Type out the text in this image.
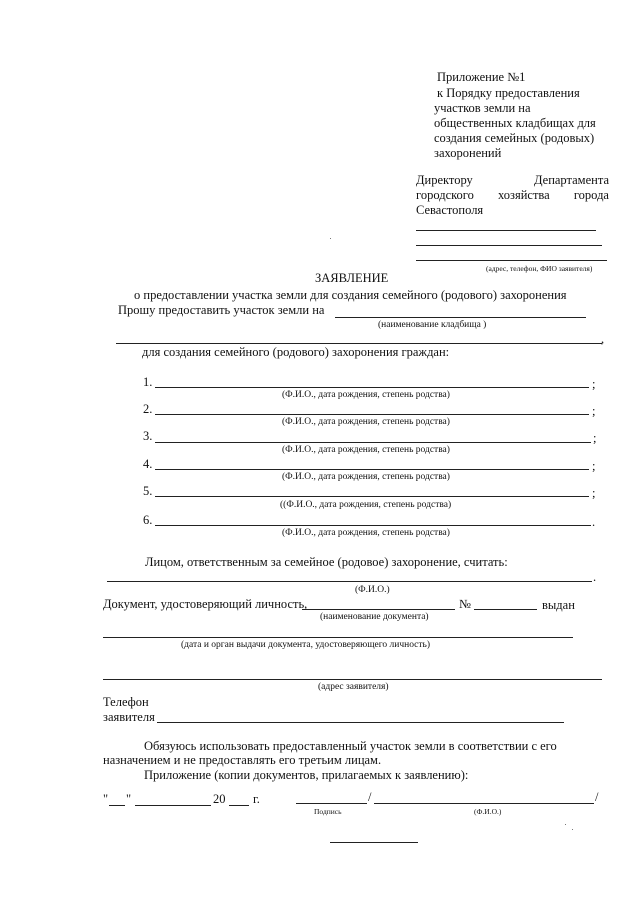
Приложение №1
к Порядку предоставления
участков земли на
общественных кладбищах для
создания семейных (родовых)
захоронений
Директору	Департамента
городского хозяйства города
Севастополя
(адрес, телефон, ФИО заявителя)
ЗАЯВЛЕНИЕ
о предоставлении участка земли для создания семейного (родового) захоронения
Прошу предоставить участок земли на
(наименование кладбища )
,
для создания семейного (родового) захоронения граждан:
1.	;
(Ф.И.О., дата рождения, степень родства)
2.	;
(Ф.И.О., дата рождения, степень родства)
3.	;
(Ф.И.О., дата рождения, степень родства)
4.	;
(Ф.И.О., дата рождения, степень родства)
5.	;
((Ф.И.О., дата рождения, степень родства)
6.	.
(Ф.И.О., дата рождения, степень родства)
Лицом, ответственным за семейное (родовое) захоронение, считать:
.
(Ф.И.О.)
Документ, удостоверяющий личность,	№	выдан
(наименование документа)
(дата и орган выдачи документа, удостоверяющего личность)
(адрес заявителя)
Телефон
заявителя
Обязуюсь использовать предоставленный участок земли в соответствии с его
назначением и не предоставлять его третьим лицам.
Приложение (копии документов, прилагаемых к заявлению):
" "	20 г.	/	/
Подпись	(Ф.И.О.)
